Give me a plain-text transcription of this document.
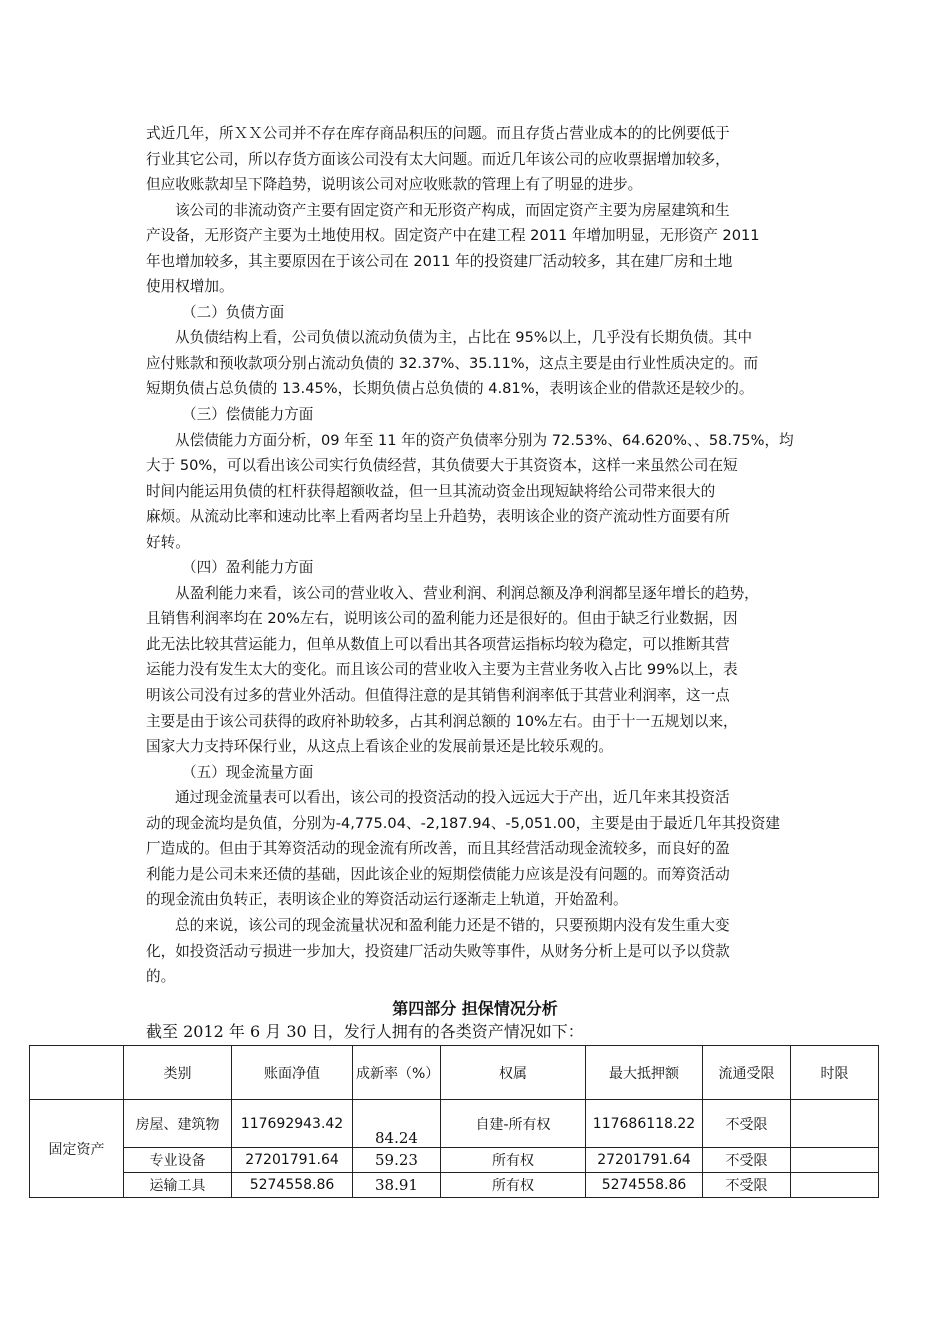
式近几年，所ＸＸ公司并不存在库存商品积压的问题。而且存货占营业成本的的比例要低于
行业其它公司，所以存货方面该公司没有太大问题。而近几年该公司的应收票据增加较多，
但应收账款却呈下降趋势，说明该公司对应收账款的管理上有了明显的进步。
该公司的非流动资产主要有固定资产和无形资产构成，而固定资产主要为房屋建筑和生
产设备，无形资产主要为土地使用权。固定资产中在建工程 2011 年增加明显，无形资产 2011
年也增加较多，其主要原因在于该公司在 2011 年的投资建厂活动较多，其在建厂房和土地
使用权增加。
（二）负债方面
从负债结构上看，公司负债以流动负债为主，占比在 95%以上，几乎没有长期负债。其中
应付账款和预收款项分别占流动负债的 32.37%、35.11%，这点主要是由行业性质决定的。而
短期负债占总负债的 13.45%，长期负债占总负债的 4.81%，表明该企业的借款还是较少的。
（三）偿债能力方面
从偿债能力方面分析，09 年至 11 年的资产负债率分别为 72.53%、64.620%、、58.75%，均
大于 50%，可以看出该公司实行负债经营，其负债要大于其资资本，这样一来虽然公司在短
时间内能运用负债的杠杆获得超额收益，但一旦其流动资金出现短缺将给公司带来很大的
麻烦。从流动比率和速动比率上看两者均呈上升趋势，表明该企业的资产流动性方面要有所
好转。
（四）盈利能力方面
从盈利能力来看，该公司的营业收入、营业利润、利润总额及净利润都呈逐年增长的趋势，
且销售利润率均在 20%左右，说明该公司的盈利能力还是很好的。但由于缺乏行业数据，因
此无法比较其营运能力，但单从数值上可以看出其各项营运指标均较为稳定，可以推断其营
运能力没有发生太大的变化。而且该公司的营业收入主要为主营业务收入占比 99%以上，表
明该公司没有过多的营业外活动。但值得注意的是其销售利润率低于其营业利润率，这一点
主要是由于该公司获得的政府补助较多，占其利润总额的 10%左右。由于十一五规划以来，
国家大力支持环保行业，从这点上看该企业的发展前景还是比较乐观的。
（五）现金流量方面
通过现金流量表可以看出，该公司的投资活动的投入远远大于产出，近几年来其投资活
动的现金流均是负值，分别为-4,775.04、-2,187.94、-5,051.00，主要是由于最近几年其投资建
厂造成的。但由于其筹资活动的现金流有所改善，而且其经营活动现金流较多，而良好的盈
利能力是公司未来还债的基础，因此该企业的短期偿债能力应该是没有问题的。而筹资活动
的现金流由负转正，表明该企业的筹资活动运行逐渐走上轨道，开始盈利。
总的来说，该公司的现金流量状况和盈利能力还是不错的，只要预期内没有发生重大变
化，如投资活动亏损进一步加大，投资建厂活动失败等事件，从财务分析上是可以予以贷款
的。
第四部分 担保情况分析
截至 2012 年 6 月 30 日，发行人拥有的各类资产情况如下：
	类别	账面净值	成新率（%）	权属	最大抵押额	流通受限	时限
固定资产	房屋、建筑物	117692943.42	84.24	自建-所有权	117686118.22	不受限	
	专业设备	27201791.64	59.23	所有权	27201791.64	不受限	
	运输工具	5274558.86	38.91	所有权	5274558.86	不受限	
